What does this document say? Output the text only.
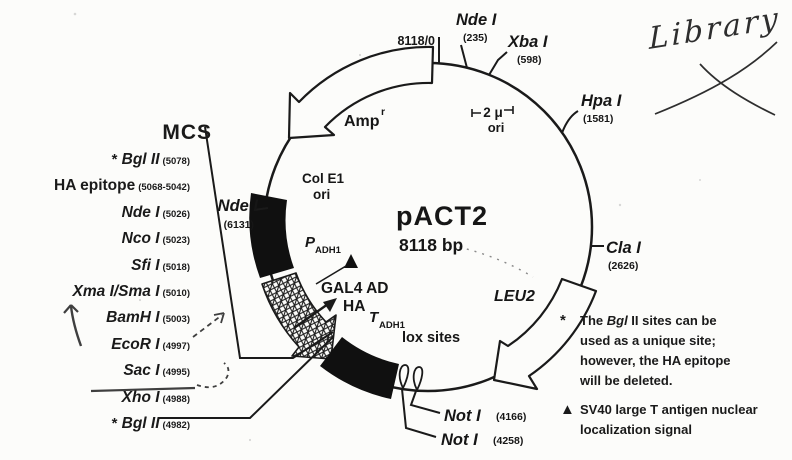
pACT2
8118 bp
8118/0
Nde I
(235) Xba I
(598)
Hpa I
(1581)
Cla I
(2626)
Nde I
(6131)
Not I (4166)
Not I (4258)
Amp
r	2 μ
ori
Col E1
ori
LEU2
lox sites
P ADH1
T ADH1
GAL4 AD
HA
MCS
* Bgl II (5078)
HA epitope (5068-5042)
Nde I (5026)
Nco I (5023)
Sfi I (5018)
Xma I/Sma I (5010)
BamH I (5003)
EcoR I (4997)
Sac I (4995)
Xho I (4988)
* Bgl II (4982)
*	The Bgl II sites can be
used as a unique site;
however, the HA epitope
will be deleted.
▲ SV40 large T antigen nuclear
localization signal
Library
